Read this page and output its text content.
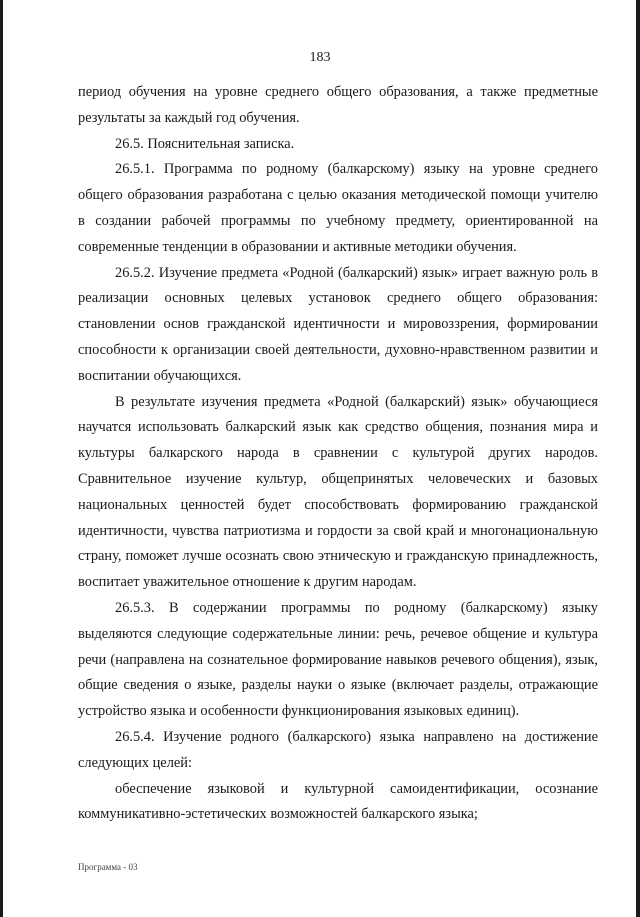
183

период обучения на уровне среднего общего образования, а также предметные результаты за каждый год обучения.

26.5. Пояснительная записка.

26.5.1. Программа по родному (балкарскому) языку на уровне среднего общего образования разработана с целью оказания методической помощи учителю в создании рабочей программы по учебному предмету, ориентированной на современные тенденции в образовании и активные методики обучения.

26.5.2. Изучение предмета «Родной (балкарский) язык» играет важную роль в реализации основных целевых установок среднего общего образования: становлении основ гражданской идентичности и мировоззрения, формировании способности к организации своей деятельности, духовно-нравственном развитии и воспитании обучающихся.

В результате изучения предмета «Родной (балкарский) язык» обучающиеся научатся использовать балкарский язык как средство общения, познания мира и культуры балкарского народа в сравнении с культурой других народов. Сравнительное изучение культур, общепринятых человеческих и базовых национальных ценностей будет способствовать формированию гражданской идентичности, чувства патриотизма и гордости за свой край и многонациональную страну, поможет лучше осознать свою этническую и гражданскую принадлежность, воспитает уважительное отношение к другим народам.

26.5.3. В содержании программы по родному (балкарскому) языку выделяются следующие содержательные линии: речь, речевое общение и культура речи (направлена на сознательное формирование навыков речевого общения), язык, общие сведения о языке, разделы науки о языке (включает разделы, отражающие устройство языка и особенности функционирования языковых единиц).

26.5.4. Изучение родного (балкарского) языка направлено на достижение следующих целей:

обеспечение языковой и культурной самоидентификации, осознание коммуникативно-эстетических возможностей балкарского языка;

Программа - 03
